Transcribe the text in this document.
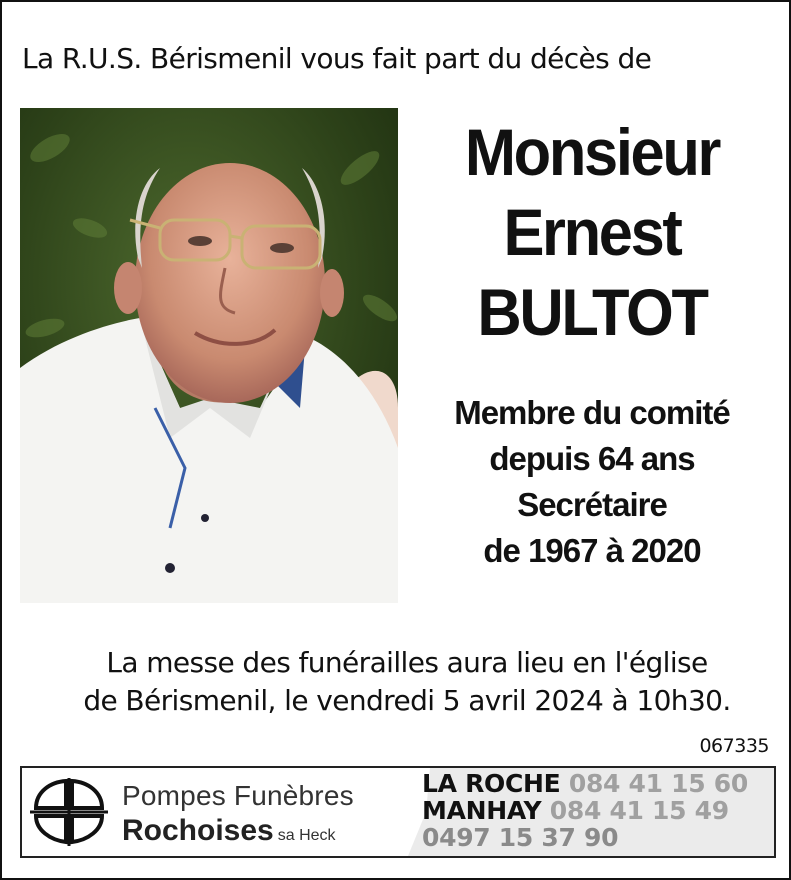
La R.U.S. Bérismenil vous fait part du décès de
Monsieur
Ernest
BULTOT
Membre du comité
depuis 64 ans
Secrétaire
de 1967 à 2020
La messe des funérailles aura lieu en l'église
de Bérismenil, le vendredi 5 avril 2024 à 10h30.
067335
Pompes Funèbres
Rochoises sa Heck
LA ROCHE 084 41 15 60
MANHAY 084 41 15 49
0497 15 37 90
